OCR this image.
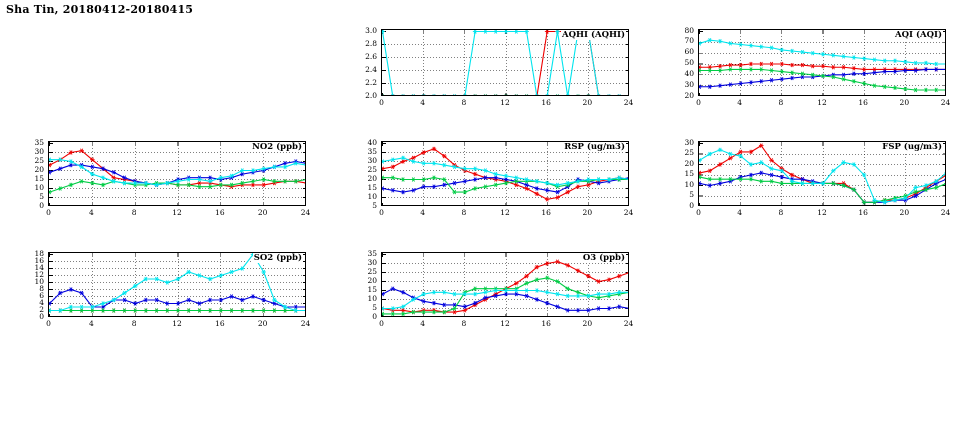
Sha Tin, 20180412-20180415
NO2 (ppb)
0
5
10
15
20
25
30
35
0	4	8	12	16	20	24
SO2 (ppb)
0
2
4
6
8
10
12
14
16
18
0	4	8	12	16	20	24
AQHI (AQHI)
2.0
2.2
2.4
2.6
2.8
3.0
0	4	8	12	16	20	24
RSP (ug/m3)
5
10
15
20
25
30
35
40
0	4	8	12	16	20	24
O3 (ppb)
0
5
10
15
20
25
30
35
0	4	8	12	16	20	24
AQI (AQI)
20
30
40
50
60
70
80
0	4	8	12	16	20	24
FSP (ug/m3)
0
5
10
15
20
25
30
0	4	8	12	16	20	24
